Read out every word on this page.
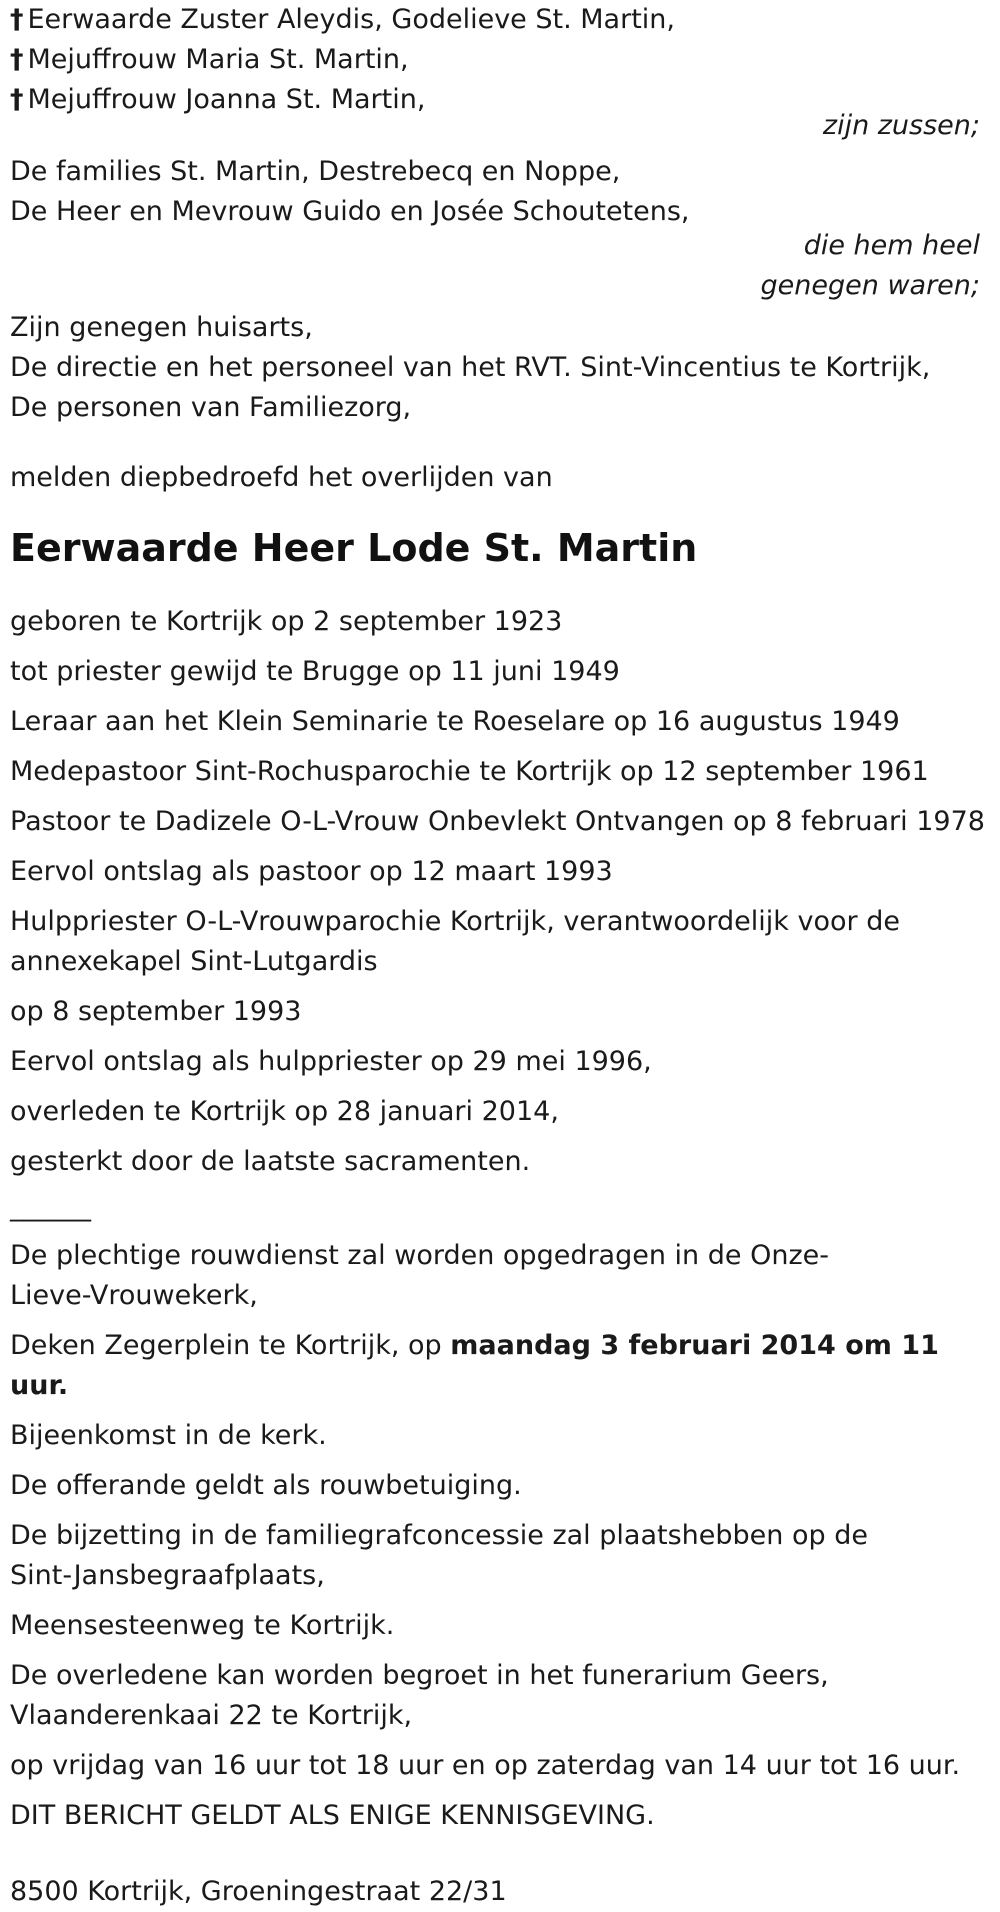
† Eerwaarde Zuster Aleydis, Godelieve St. Martin,
† Mejuffrouw Maria St. Martin,
† Mejuffrouw Joanna St. Martin,
zijn zussen;
De families St. Martin, Destrebecq en Noppe,
De Heer en Mevrouw Guido en Josée Schoutetens,
die hem heel
genegen waren;
Zijn genegen huisarts,
De directie en het personeel van het RVT. Sint-Vincentius te Kortrijk,
De personen van Familiezorg,
melden diepbedroefd het overlijden van
Eerwaarde Heer Lode St. Martin
geboren te Kortrijk op 2 september 1923
tot priester gewijd te Brugge op 11 juni 1949
Leraar aan het Klein Seminarie te Roeselare op 16 augustus 1949
Medepastoor Sint-Rochusparochie te Kortrijk op 12 september 1961
Pastoor te Dadizele O-L-Vrouw Onbevlekt Ontvangen op 8 februari 1978
Eervol ontslag als pastoor op 12 maart 1993
Hulppriester O-L-Vrouwparochie Kortrijk, verantwoordelijk voor de annexekapel Sint-Lutgardis
op 8 september 1993
Eervol ontslag als hulppriester op 29 mei 1996,
overleden te Kortrijk op 28 januari 2014,
gesterkt door de laatste sacramenten.
______
De plechtige rouwdienst zal worden opgedragen in de Onze-Lieve-Vrouwekerk,
Deken Zegerplein te Kortrijk, op maandag 3 februari 2014 om 11 uur.
Bijeenkomst in de kerk.
De offerande geldt als rouwbetuiging.
De bijzetting in de familiegrafconcessie zal plaatshebben op de Sint-Jansbegraafplaats,
Meensesteenweg te Kortrijk.
De overledene kan worden begroet in het funerarium Geers, Vlaanderenkaai 22 te Kortrijk,
op vrijdag van 16 uur tot 18 uur en op zaterdag van 14 uur tot 16 uur.
DIT BERICHT GELDT ALS ENIGE KENNISGEVING.
8500 Kortrijk, Groeningestraat 22/31
